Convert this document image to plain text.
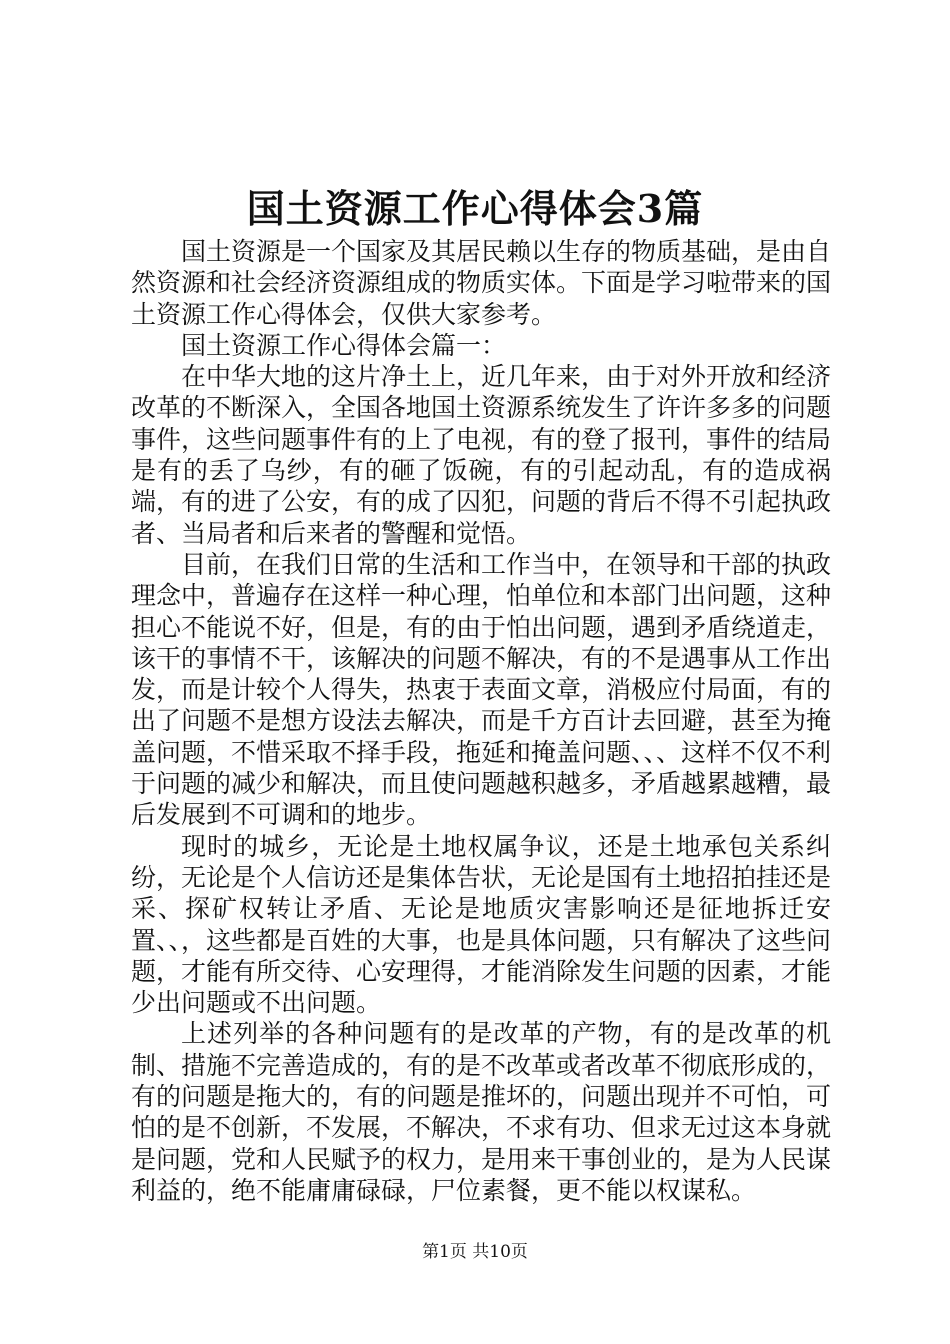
国土资源工作心得体会3篇

国土资源是一个国家及其居民赖以生存的物质基础，是由自然资源和社会经济资源组成的物质实体。下面是学习啦带来的国土资源工作心得体会，仅供大家参考。

国土资源工作心得体会篇一：

在中华大地的这片净土上，近几年来，由于对外开放和经济改革的不断深入，全国各地国土资源系统发生了许许多多的问题事件，这些问题事件有的上了电视，有的登了报刊，事件的结局是有的丢了乌纱，有的砸了饭碗，有的引起动乱，有的造成祸端，有的进了公安，有的成了囚犯，问题的背后不得不引起执政者、当局者和后来者的警醒和觉悟。

目前，在我们日常的生活和工作当中，在领导和干部的执政理念中，普遍存在这样一种心理，怕单位和本部门出问题，这种担心不能说不好，但是，有的由于怕出问题，遇到矛盾绕道走，该干的事情不干，该解决的问题不解决，有的不是遇事从工作出发，而是计较个人得失，热衷于表面文章，消极应付局面，有的出了问题不是想方设法去解决，而是千方百计去回避，甚至为掩盖问题，不惜采取不择手段，拖延和掩盖问题、、、这样不仅不利于问题的减少和解决，而且使问题越积越多，矛盾越累越糟，最后发展到不可调和的地步。

现时的城乡，无论是土地权属争议，还是土地承包关系纠纷，无论是个人信访还是集体告状，无论是国有土地招拍挂还是采、探矿权转让矛盾、无论是地质灾害影响还是征地拆迁安置、、，这些都是百姓的大事，也是具体问题，只有解决了这些问题，才能有所交待、心安理得，才能消除发生问题的因素，才能少出问题或不出问题。

上述列举的各种问题有的是改革的产物，有的是改革的机制、措施不完善造成的，有的是不改革或者改革不彻底形成的，有的问题是拖大的，有的问题是推坏的，问题出现并不可怕，可怕的是不创新，不发展，不解决，不求有功、但求无过这本身就是问题，党和人民赋予的权力，是用来干事创业的，是为人民谋利益的，绝不能庸庸碌碌，尸位素餐，更不能以权谋私。

第1页 共10页
